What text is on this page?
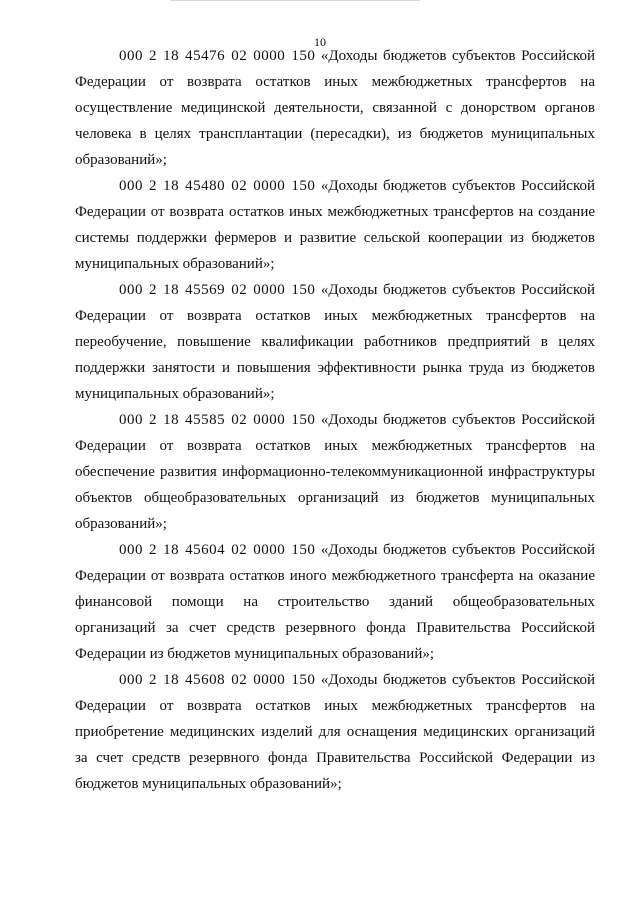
10

000 2 18 45476 02 0000 150 «Доходы бюджетов субъектов Российской Федерации от возврата остатков иных межбюджетных трансфертов на осуществление медицинской деятельности, связанной с донорством органов человека в целях трансплантации (пересадки), из бюджетов муниципальных образований»;

000 2 18 45480 02 0000 150 «Доходы бюджетов субъектов Российской Федерации от возврата остатков иных межбюджетных трансфертов на создание системы поддержки фермеров и развитие сельской кооперации из бюджетов муниципальных образований»;

000 2 18 45569 02 0000 150 «Доходы бюджетов субъектов Российской Федерации от возврата остатков иных межбюджетных трансфертов на переобучение, повышение квалификации работников предприятий в целях поддержки занятости и повышения эффективности рынка труда из бюджетов муниципальных образований»;

000 2 18 45585 02 0000 150 «Доходы бюджетов субъектов Российской Федерации от возврата остатков иных межбюджетных трансфертов на обеспечение развития информационно-телекоммуникационной инфраструктуры объектов общеобразовательных организаций из бюджетов муниципальных образований»;

000 2 18 45604 02 0000 150 «Доходы бюджетов субъектов Российской Федерации от возврата остатков иного межбюджетного трансферта на оказание финансовой помощи на строительство зданий общеобразовательных организаций за счет средств резервного фонда Правительства Российской Федерации из бюджетов муниципальных образований»;

000 2 18 45608 02 0000 150 «Доходы бюджетов субъектов Российской Федерации от возврата остатков иных межбюджетных трансфертов на приобретение медицинских изделий для оснащения медицинских организаций за счет средств резервного фонда Правительства Российской Федерации из бюджетов муниципальных образований»;
